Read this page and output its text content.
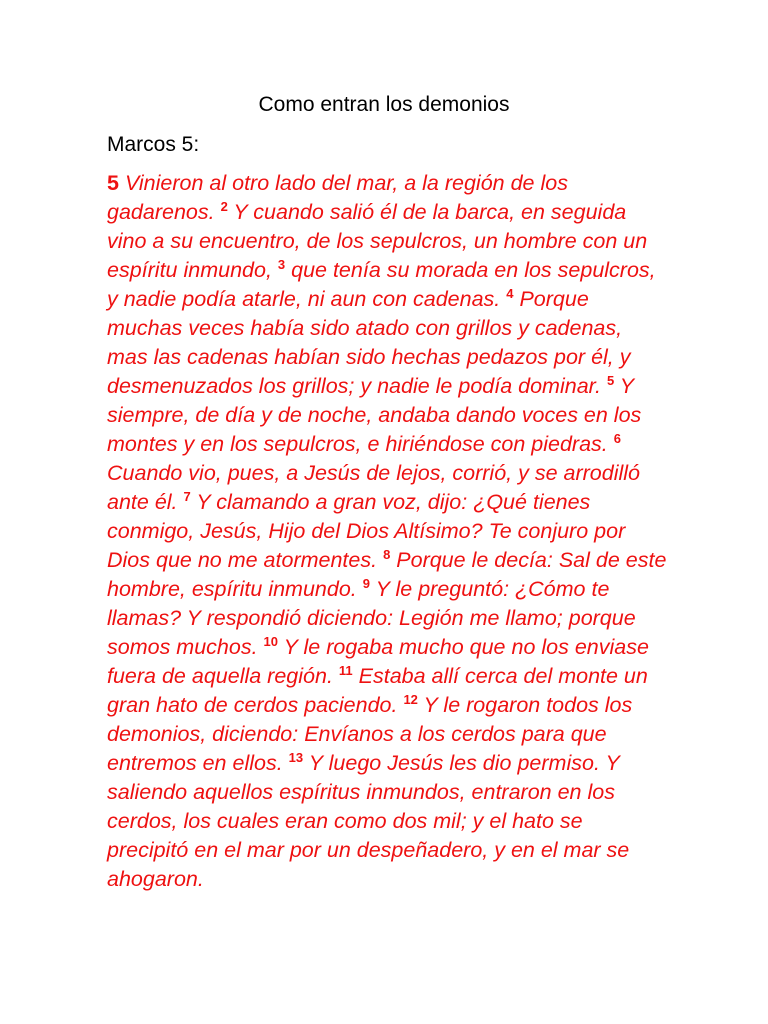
Como entran los demonios

Marcos 5:

5 Vinieron al otro lado del mar, a la región de los gadarenos. $^2$ Y cuando salió él de la barca, en seguida vino a su encuentro, de los sepulcros, un hombre con un espíritu inmundo, $^3$ que tenía su morada en los sepulcros, y nadie podía atarle, ni aun con cadenas. $^4$ Porque muchas veces había sido atado con grillos y cadenas, mas las cadenas habían sido hechas pedazos por él, y desmenuzados los grillos; y nadie le podía dominar. $^5$ Y siempre, de día y de noche, andaba dando voces en los montes y en los sepulcros, e hiriéndose con piedras. $^6$ Cuando vio, pues, a Jesús de lejos, corrió, y se arrodilló ante él. $^7$ Y clamando a gran voz, dijo: ¿Qué tienes conmigo, Jesús, Hijo del Dios Altísimo? Te conjuro por Dios que no me atormentes. $^8$ Porque le decía: Sal de este hombre, espíritu inmundo. $^9$ Y le preguntó: ¿Cómo te llamas? Y respondió diciendo: Legión me llamo; porque somos muchos. $^{10}$ Y le rogaba mucho que no los enviase fuera de aquella región. $^{11}$ Estaba allí cerca del monte un gran hato de cerdos paciendo. $^{12}$ Y le rogaron todos los demonios, diciendo: Envíanos a los cerdos para que entremos en ellos. $^{13}$ Y luego Jesús les dio permiso. Y saliendo aquellos espíritus inmundos, entraron en los cerdos, los cuales eran como dos mil; y el hato se precipitó en el mar por un despeñadero, y en el mar se ahogaron.
